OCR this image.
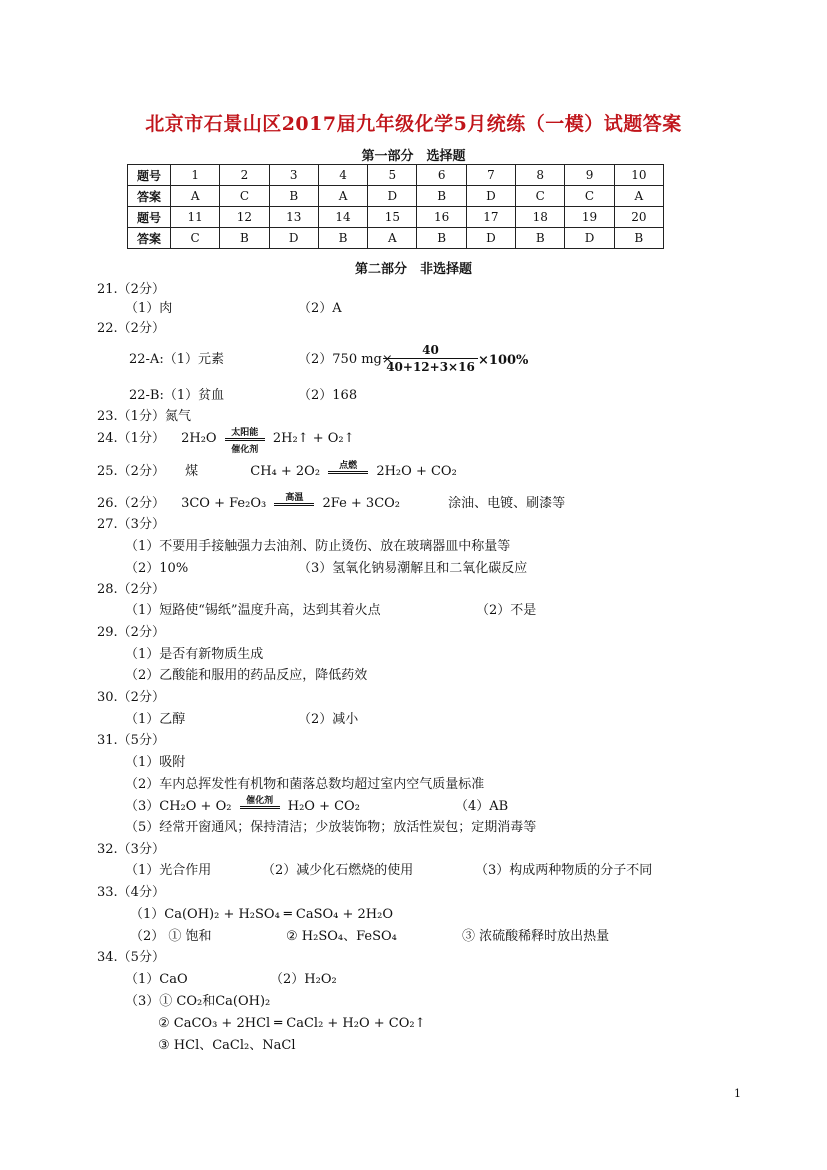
北京市石景山区2017届九年级化学5月统练（一模）试题答案
第一部分　选择题
题号	1	2	3	4	5	6	7	8	9	10
答案	A	C	B	A	D	B	D	C	C	A
题号	11	12	13	14	15	16	17	18	19	20
答案	C	B	D	B	A	B	D	B	D	B
第二部分　非选择题
21.（2分）
（1）肉	（2）A
22.（2分）
22-A:（1）元素	（2）750 mg×
40
40+12+3×16 ×100%
22-B:（1）贫血	（2）168
23.（1分）氮气
24.（1分） 2H₂O	太阳能
催化剂
2H₂↑ + O₂↑
25.（2分） 煤	CH₄ + 2O₂	点燃	2H₂O + CO₂
26.（2分） 3CO + Fe₂O₃	高温	2Fe + 3CO₂	涂油、电镀、刷漆等
27.（3分）
（1）不要用手接触强力去油剂、防止烫伤、放在玻璃器皿中称量等
（2）10%	（3）氢氧化钠易潮解且和二氧化碳反应
28.（2分）
（1）短路使“锡纸”温度升高，达到其着火点	（2）不是
29.（2分）
（1）是否有新物质生成
（2）乙酸能和服用的药品反应，降低药效
30.（2分）
（1）乙醇	（2）减小
31.（5分）
（1）吸附
（2）车内总挥发性有机物和菌落总数均超过室内空气质量标准
（3）CH₂O + O₂	催化剂	H₂O + CO₂	（4）AB
（5）经常开窗通风；保持清洁；少放装饰物；放活性炭包；定期消毒等
32.（3分）
（1）光合作用	（2）减少化石燃烧的使用	（3）构成两种物质的分子不同
33.（4分）
（1）Ca(OH)₂ + H₂SO₄ ═ CaSO₄ + 2H₂O
（2） ① 饱和	② H₂SO₄、FeSO₄	③ 浓硫酸稀释时放出热量
34.（5分）
（1）CaO	（2）H₂O₂
（3）① CO₂和Ca(OH)₂
② CaCO₃ + 2HCl ═ CaCl₂ + H₂O + CO₂↑
③ HCl、CaCl₂、NaCl
1
